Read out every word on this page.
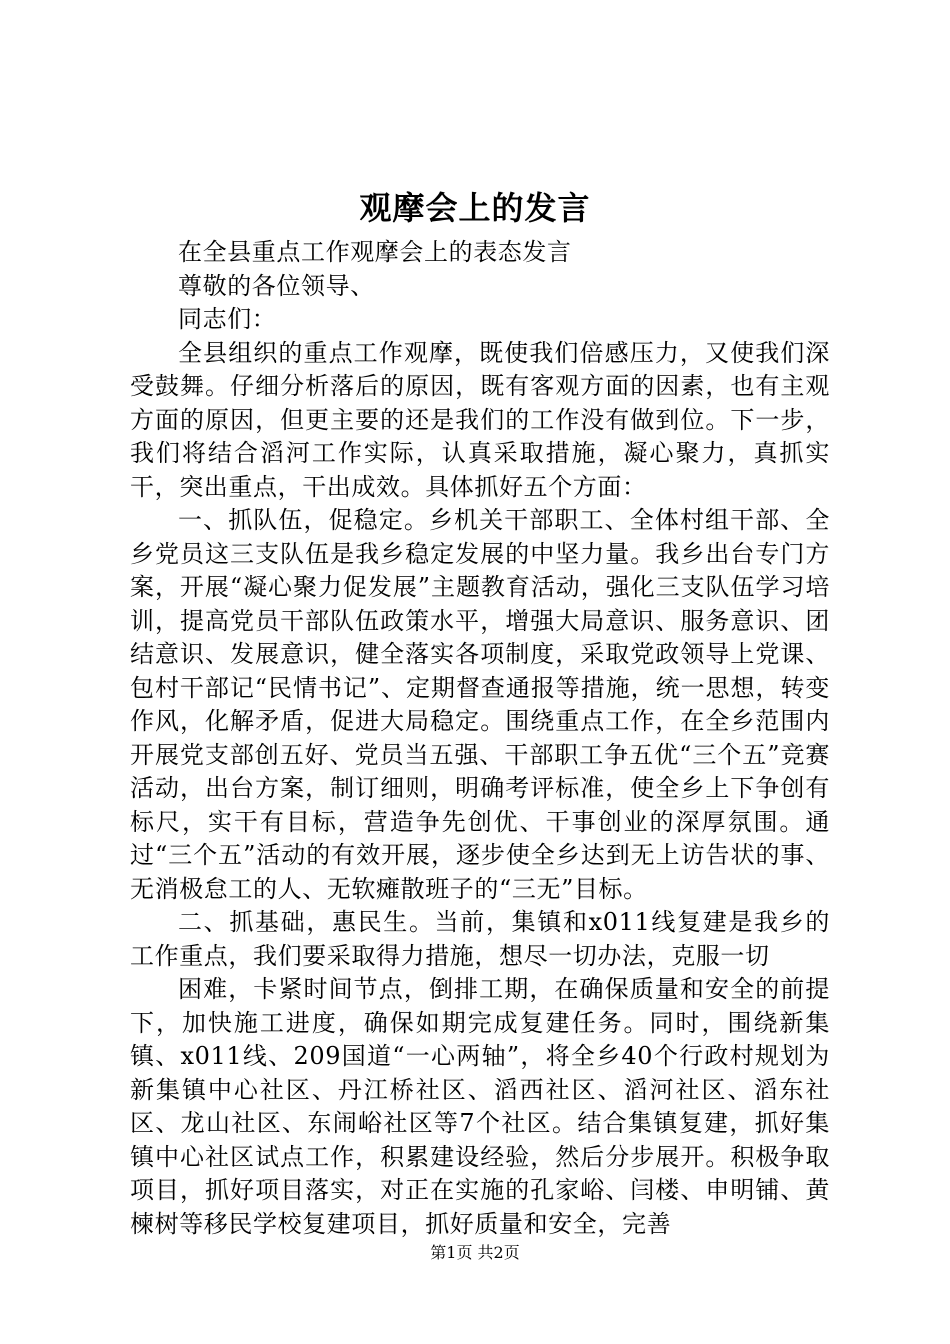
观摩会上的发言

在全县重点工作观摩会上的表态发言

尊敬的各位领导、

同志们：

全县组织的重点工作观摩，既使我们倍感压力，又使我们深受鼓舞。仔细分析落后的原因，既有客观方面的因素，也有主观方面的原因，但更主要的还是我们的工作没有做到位。下一步，我们将结合滔河工作实际，认真采取措施，凝心聚力，真抓实干，突出重点，干出成效。具体抓好五个方面：

一、抓队伍，促稳定。乡机关干部职工、全体村组干部、全乡党员这三支队伍是我乡稳定发展的中坚力量。我乡出台专门方案，开展“凝心聚力促发展”主题教育活动，强化三支队伍学习培训，提高党员干部队伍政策水平，增强大局意识、服务意识、团结意识、发展意识，健全落实各项制度，采取党政领导上党课、包村干部记“民情书记”、定期督查通报等措施，统一思想，转变作风，化解矛盾，促进大局稳定。围绕重点工作，在全乡范围内开展党支部创五好、党员当五强、干部职工争五优“三个五”竞赛活动，出台方案，制订细则，明确考评标准，使全乡上下争创有标尺，实干有目标，营造争先创优、干事创业的深厚氛围。通过“三个五”活动的有效开展，逐步使全乡达到无上访告状的事、无消极怠工的人、无软瘫散班子的“三无”目标。

二、抓基础，惠民生。当前，集镇和x011线复建是我乡的工作重点，我们要采取得力措施，想尽一切办法，克服一切

困难，卡紧时间节点，倒排工期，在确保质量和安全的前提下，加快施工进度，确保如期完成复建任务。同时，围绕新集镇、x011线、209国道“一心两轴”，将全乡40个行政村规划为新集镇中心社区、丹江桥社区、滔西社区、滔河社区、滔东社区、龙山社区、东闹峪社区等7个社区。结合集镇复建，抓好集镇中心社区试点工作，积累建设经验，然后分步展开。积极争取项目，抓好项目落实，对正在实施的孔家峪、闫楼、申明铺、黄楝树等移民学校复建项目，抓好质量和安全，完善

第1页 共2页
